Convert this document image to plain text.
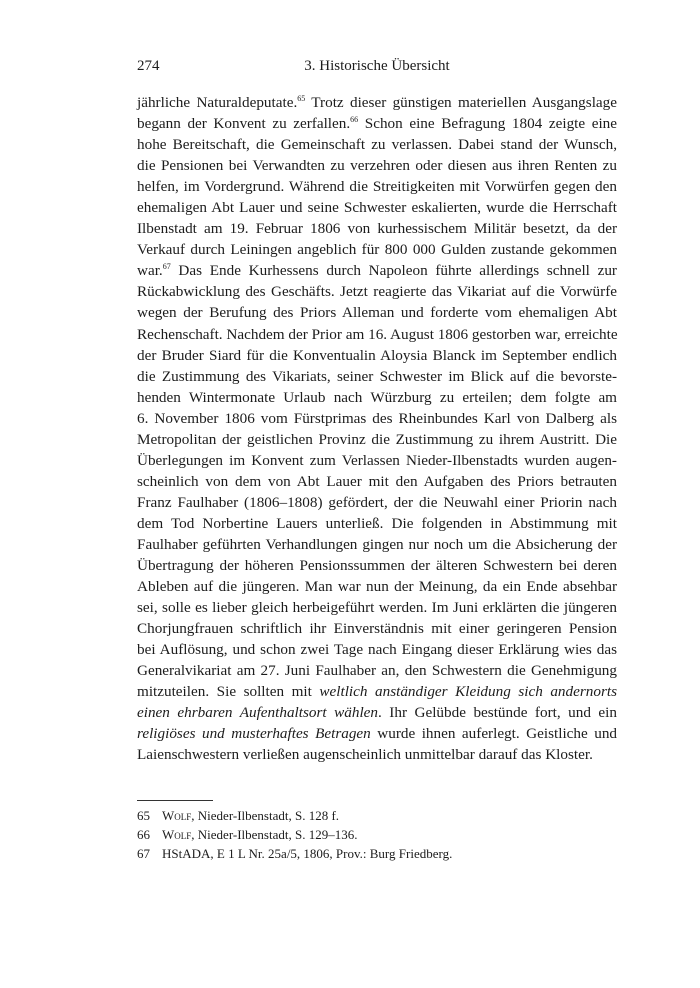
274	3. Historische Übersicht
jährliche Naturaldeputate.$^{65}$ Trotz dieser günstigen materiellen Ausgangslage
begann der Konvent zu zerfallen.$^{66}$ Schon eine Befragung 1804 zeigte eine
hohe Bereitschaft, die Gemeinschaft zu verlassen. Dabei stand der Wunsch,
die Pensionen bei Verwandten zu verzehren oder diesen aus ihren Renten zu
helfen, im Vordergrund. Während die Streitigkeiten mit Vorwürfen gegen den
ehemaligen Abt Lauer und seine Schwester eskalierten, wurde die Herrschaft
Ilbenstadt am 19. Februar 1806 von kurhessischem Militär besetzt, da der
Verkauf durch Leiningen angeblich für 800 000 Gulden zustande gekommen
war.$^{67}$ Das Ende Kurhessens durch Napoleon führte allerdings schnell zur
Rückabwicklung des Geschäfts. Jetzt reagierte das Vikariat auf die Vorwürfe
wegen der Berufung des Priors Alleman und forderte vom ehemaligen Abt
Rechenschaft. Nachdem der Prior am 16. August 1806 gestorben war, erreichte
der Bruder Siard für die Konventualin Aloysia Blanck im September endlich
die Zustimmung des Vikariats, seiner Schwester im Blick auf die bevorste-
henden Wintermonate Urlaub nach Würzburg zu erteilen; dem folgte am
6. November 1806 vom Fürstprimas des Rheinbundes Karl von Dalberg als
Metropolitan der geistlichen Provinz die Zustimmung zu ihrem Austritt. Die
Überlegungen im Konvent zum Verlassen Nieder-Ilbenstadts wurden augen-
scheinlich von dem von Abt Lauer mit den Aufgaben des Priors betrauten
Franz Faulhaber (1806–1808) gefördert, der die Neuwahl einer Priorin nach
dem Tod Norbertine Lauers unterließ. Die folgenden in Abstimmung mit
Faulhaber geführten Verhandlungen gingen nur noch um die Absicherung der
Übertragung der höheren Pensionssummen der älteren Schwestern bei deren
Ableben auf die jüngeren. Man war nun der Meinung, da ein Ende absehbar
sei, solle es lieber gleich herbeigeführt werden. Im Juni erklärten die jüngeren
Chorjungfrauen schriftlich ihr Einverständnis mit einer geringeren Pension
bei Auflösung, und schon zwei Tage nach Eingang dieser Erklärung wies das
Generalvikariat am 27. Juni Faulhaber an, den Schwestern die Genehmigung
mitzuteilen. Sie sollten mit weltlich anständiger Kleidung sich andernorts
einen ehrbaren Aufenthaltsort wählen. Ihr Gelübde bestünde fort, und ein
religiöses und musterhaftes Betragen wurde ihnen auferlegt. Geistliche und
Laienschwestern verließen augenscheinlich unmittelbar darauf das Kloster.
65 Wolf, Nieder-Ilbenstadt, S. 128 f.
66 Wolf, Nieder-Ilbenstadt, S. 129–136.
67 HStADA, E 1 L Nr. 25a/5, 1806, Prov.: Burg Friedberg.
